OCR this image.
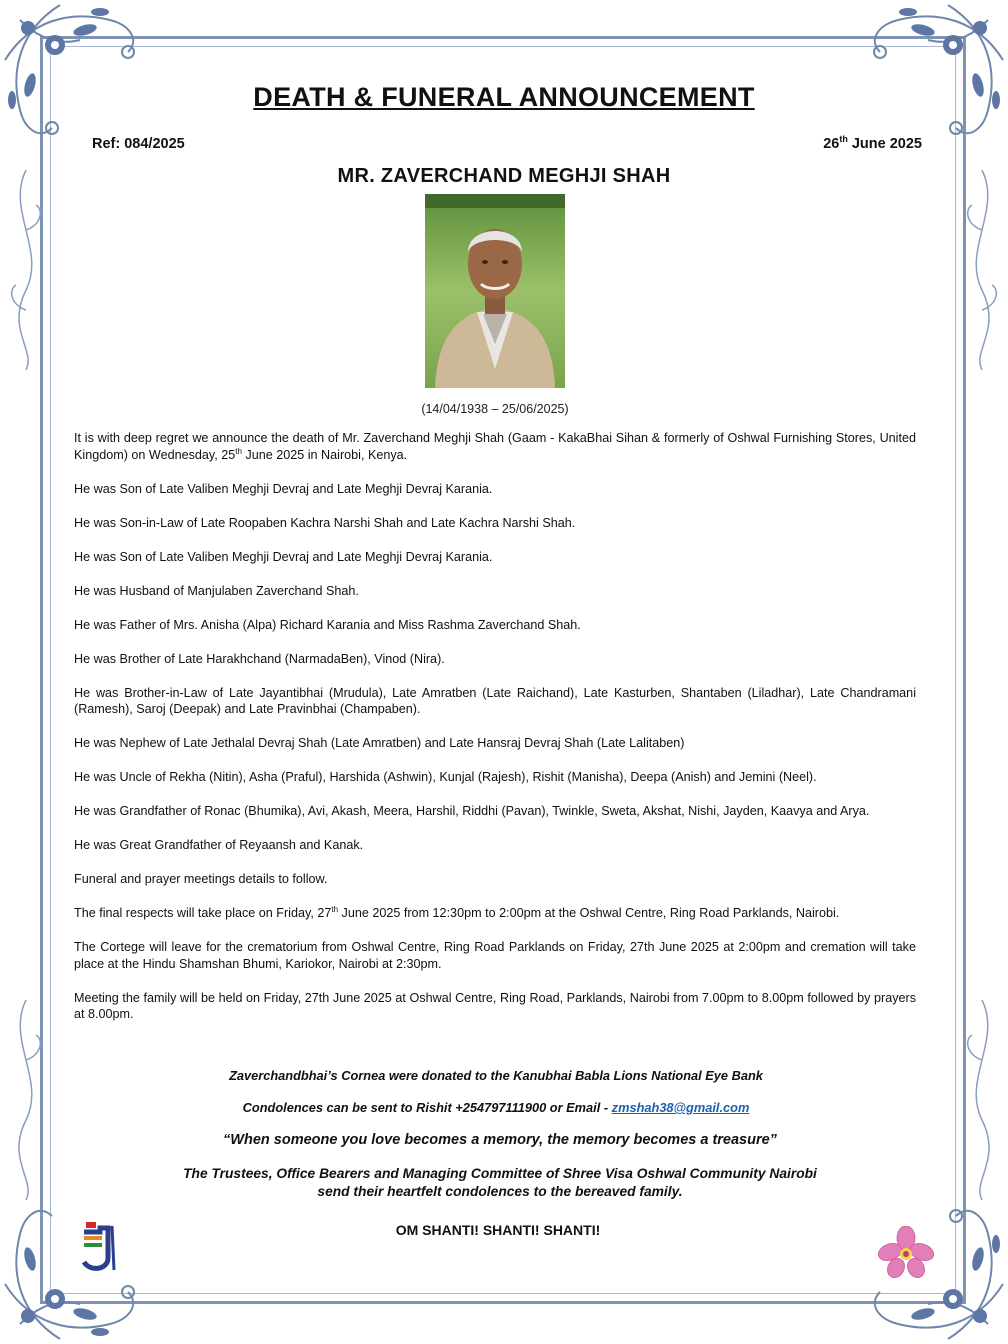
DEATH & FUNERAL ANNOUNCEMENT
Ref: 084/2025	26th June 2025
MR. ZAVERCHAND MEGHJI SHAH
(14/04/1938 – 25/06/2025)

It is with deep regret we announce the death of Mr. Zaverchand Meghji Shah (Gaam - KakaBhai Sihan & formerly of Oshwal Furnishing Stores, United Kingdom) on Wednesday, 25th June 2025 in Nairobi, Kenya.

He was Son of Late Valiben Meghji Devraj and Late Meghji Devraj Karania.

He was Son-in-Law of Late Roopaben Kachra Narshi Shah and Late Kachra Narshi Shah.

He was Son of Late Valiben Meghji Devraj and Late Meghji Devraj Karania.

He was Husband of Manjulaben Zaverchand Shah.

He was Father of Mrs. Anisha (Alpa) Richard Karania and Miss Rashma Zaverchand Shah.

He was Brother of Late Harakhchand (NarmadaBen), Vinod (Nira).

He was Brother-in-Law of Late Jayantibhai (Mrudula), Late Amratben (Late Raichand), Late Kasturben, Shantaben (Liladhar), Late Chandramani (Ramesh), Saroj (Deepak) and Late Pravinbhai (Champaben).

He was Nephew of Late Jethalal Devraj Shah (Late Amratben) and Late Hansraj Devraj Shah (Late Lalitaben)

He was Uncle of Rekha (Nitin), Asha (Praful), Harshida (Ashwin), Kunjal (Rajesh), Rishit (Manisha), Deepa (Anish) and Jemini (Neel).

He was Grandfather of Ronac (Bhumika), Avi, Akash, Meera, Harshil, Riddhi (Pavan), Twinkle, Sweta, Akshat, Nishi, Jayden, Kaavya and Arya.

He was Great Grandfather of Reyaansh and Kanak.

Funeral and prayer meetings details to follow.

The final respects will take place on Friday, 27th June 2025 from 12:30pm to 2:00pm at the Oshwal Centre, Ring Road Parklands, Nairobi.

The Cortege will leave for the crematorium from Oshwal Centre, Ring Road Parklands on Friday, 27th June 2025 at 2:00pm and cremation will take place at the Hindu Shamshan Bhumi, Kariokor, Nairobi at 2:30pm.

Meeting the family will be held on Friday, 27th June 2025 at Oshwal Centre, Ring Road, Parklands, Nairobi from 7.00pm to 8.00pm followed by prayers at 8.00pm.

Zaverchandbhai’s Cornea were donated to the Kanubhai Babla Lions National Eye Bank
Condolences can be sent to Rishit +254797111900 or Email - zmshah38@gmail.com
“When someone you love becomes a memory, the memory becomes a treasure”
The Trustees, Office Bearers and Managing Committee of Shree Visa Oshwal Community Nairobi
send their heartfelt condolences to the bereaved family.
OM SHANTI! SHANTI! SHANTI!
